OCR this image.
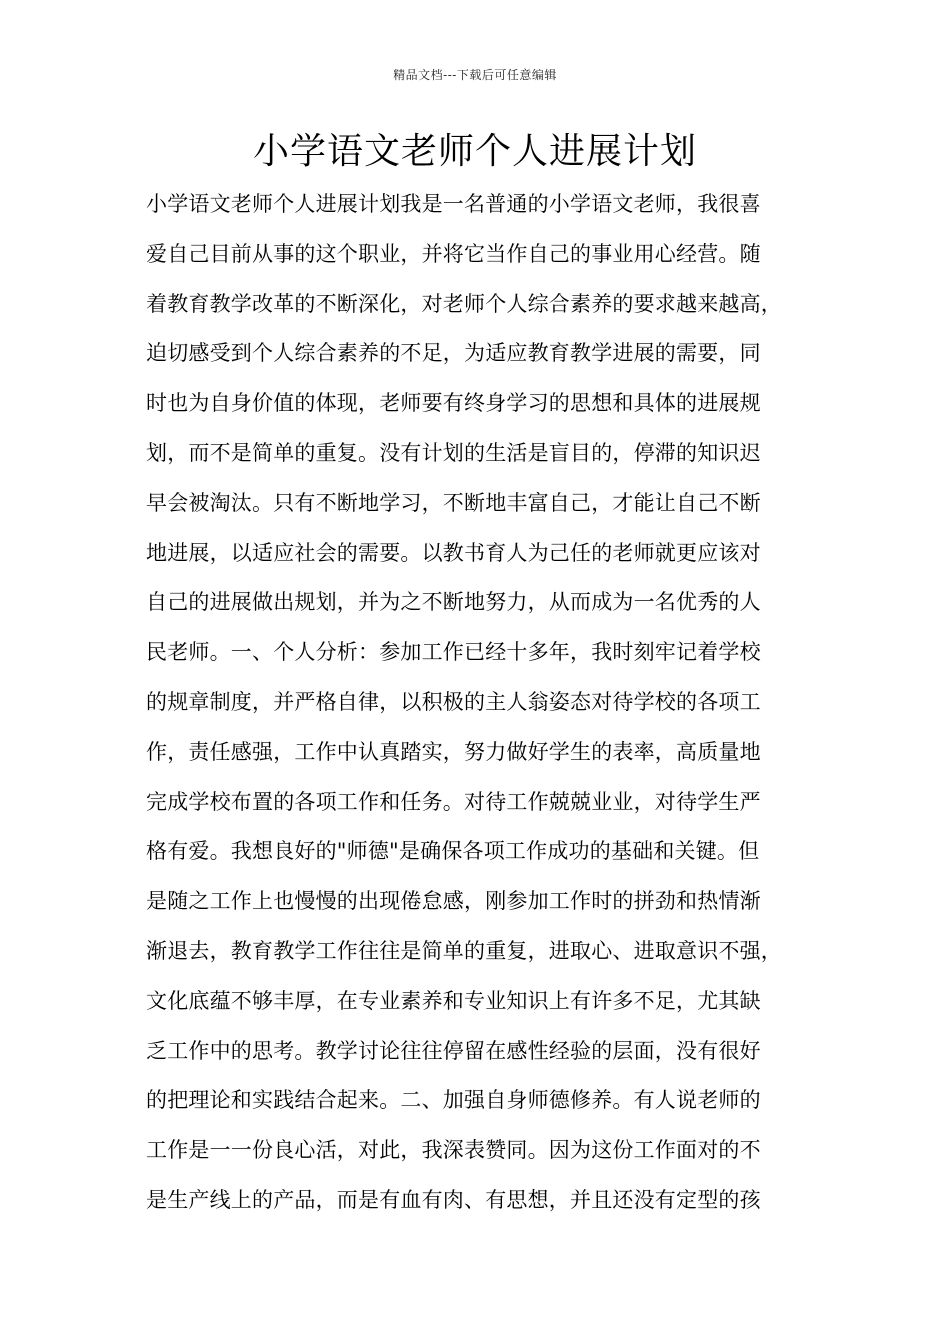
精品文档---下载后可任意编辑
小学语文老师个人进展计划
小学语文老师个人进展计划我是一名普通的小学语文老师，我很喜
爱自己目前从事的这个职业，并将它当作自己的事业用心经营。随
着教育教学改革的不断深化，对老师个人综合素养的要求越来越高，
迫切感受到个人综合素养的不足，为适应教育教学进展的需要，同
时也为自身价值的体现，老师要有终身学习的思想和具体的进展规
划，而不是简单的重复。没有计划的生活是盲目的，停滞的知识迟
早会被淘汰。只有不断地学习，不断地丰富自己，才能让自己不断
地进展，以适应社会的需要。以教书育人为己任的老师就更应该对
自己的进展做出规划，并为之不断地努力，从而成为一名优秀的人
民老师。一、个人分析：参加工作已经十多年，我时刻牢记着学校
的规章制度，并严格自律，以积极的主人翁姿态对待学校的各项工
作，责任感强，工作中认真踏实，努力做好学生的表率，高质量地
完成学校布置的各项工作和任务。对待工作兢兢业业，对待学生严
格有爱。我想良好的"师德"是确保各项工作成功的基础和关键。但
是随之工作上也慢慢的出现倦怠感，刚参加工作时的拼劲和热情渐
渐退去，教育教学工作往往是简单的重复，进取心、进取意识不强，
文化底蕴不够丰厚，在专业素养和专业知识上有许多不足，尤其缺
乏工作中的思考。教学讨论往往停留在感性经验的层面，没有很好
的把理论和实践结合起来。二、加强自身师德修养。有人说老师的
工作是一一份良心活，对此，我深表赞同。因为这份工作面对的不
是生产线上的产品，而是有血有肉、有思想，并且还没有定型的孩
